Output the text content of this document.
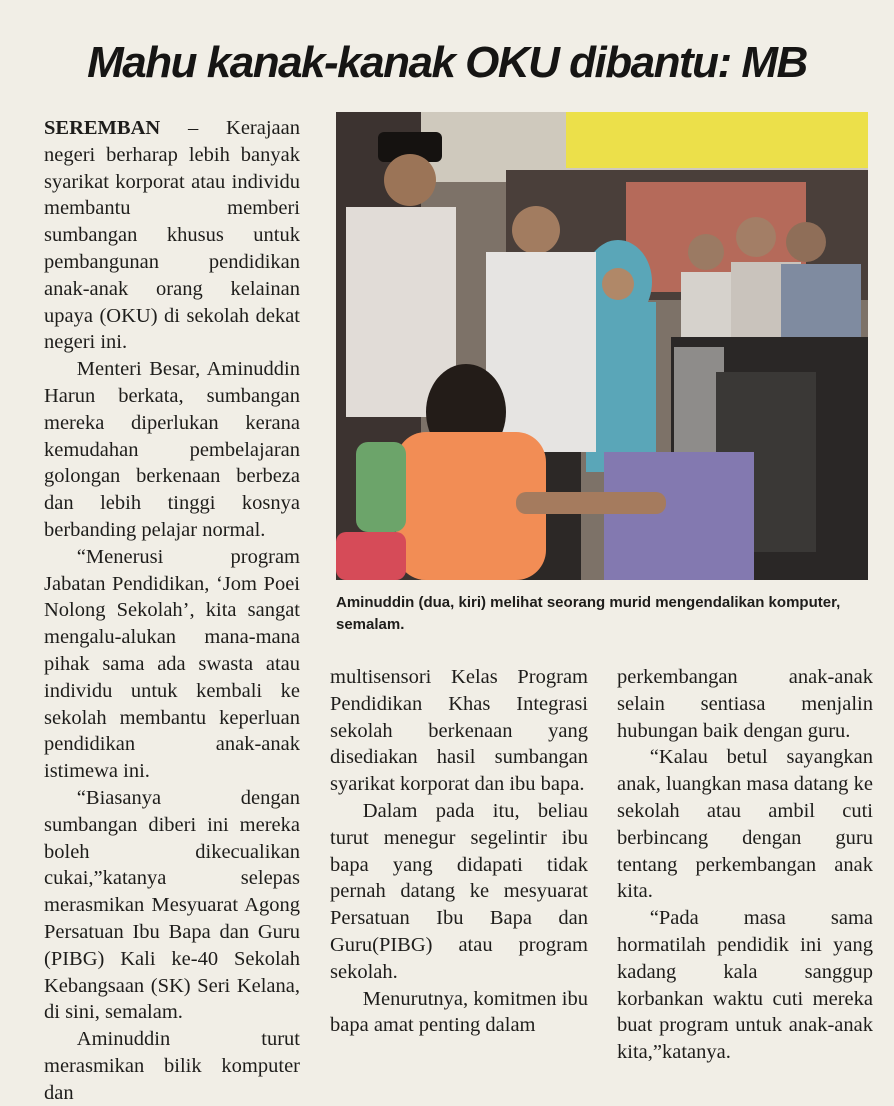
Mahu kanak-kanak OKU dibantu: MB

SEREMBAN – Kerajaan negeri berharap lebih banyak syarikat korporat atau individu membantu memberi sumbangan khusus untuk pembangunan pendidikan anak-anak orang kelainan upaya (OKU) di sekolah dekat negeri ini.

Menteri Besar, Aminuddin Harun berkata, sumbangan mereka diperlukan kerana kemudahan pembelajaran golongan berkenaan berbeza dan lebih tinggi kosnya berbanding pelajar normal.

“Menerusi program Jabatan Pendidikan, ‘Jom Poei Nolong Sekolah’, kita sangat mengalu-alukan mana-mana pihak sama ada swasta atau individu untuk kembali ke sekolah membantu keperluan pendidikan anak-anak istimewa ini.

“Biasanya dengan sumbangan diberi ini mereka boleh dikecualikan cukai,”katanya selepas merasmikan Mesyuarat Agong Persatuan Ibu Bapa dan Guru (PIBG) Kali ke-40 Sekolah Kebangsaan (SK) Seri Kelana, di sini, semalam.

Aminuddin turut merasmikan bilik komputer dan

Aminuddin (dua, kiri) melihat seorang murid mengendalikan komputer, semalam.

multisensori Kelas Program Pendidikan Khas Integrasi sekolah berkenaan yang disediakan hasil sumbangan syarikat korporat dan ibu bapa.

Dalam pada itu, beliau turut menegur segelintir ibu bapa yang didapati tidak pernah datang ke mesyuarat Persatuan Ibu Bapa dan Guru(PIBG) atau program sekolah.

Menurutnya, komitmen ibu bapa amat penting dalam

perkembangan anak-anak selain sentiasa menjalin hubungan baik dengan guru.

“Kalau betul sayangkan anak, luangkan masa datang ke sekolah atau ambil cuti berbincang dengan guru tentang perkembangan anak kita.

“Pada masa sama hormatilah pendidik ini yang kadang kala sanggup korbankan waktu cuti mereka buat program untuk anak-anak kita,”katanya.
